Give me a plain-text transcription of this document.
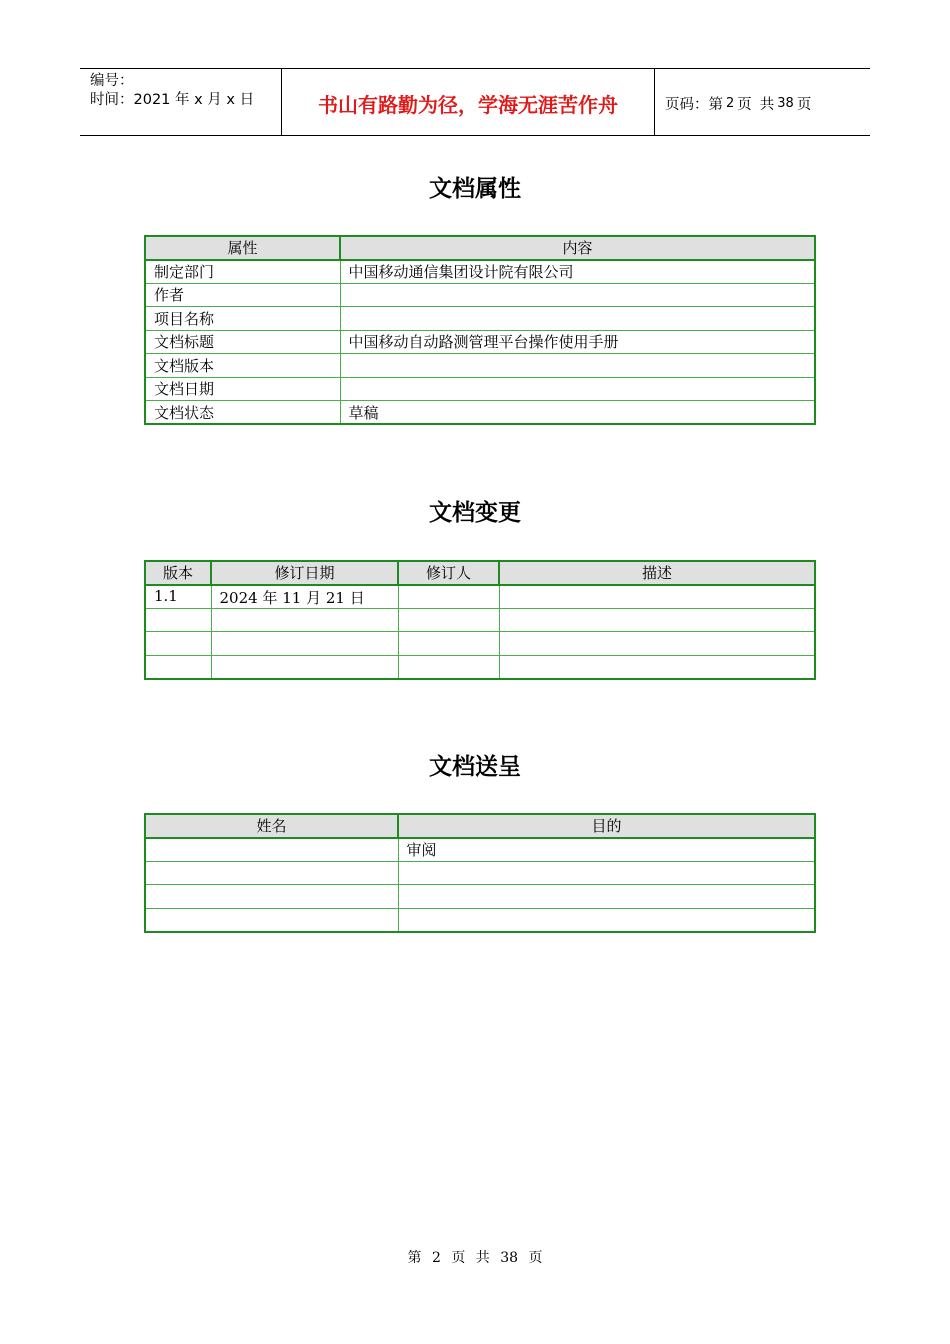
编号：
时间：2021 年 x 月 x 日	书山有路勤为径，学海无涯苦作舟	页码：第 2 页 共 38 页
文档属性
属性	内容
制定部门	中国移动通信集团设计院有限公司
作者	
项目名称	
文档标题	中国移动自动路测管理平台操作使用手册
文档版本	
文档日期	
文档状态	草稿
文档变更
版本	修订日期	修订人	描述
1.1	2024 年 11 月 21 日		

文档送呈
姓名	目的
	审阅

第 2 页 共 38 页
